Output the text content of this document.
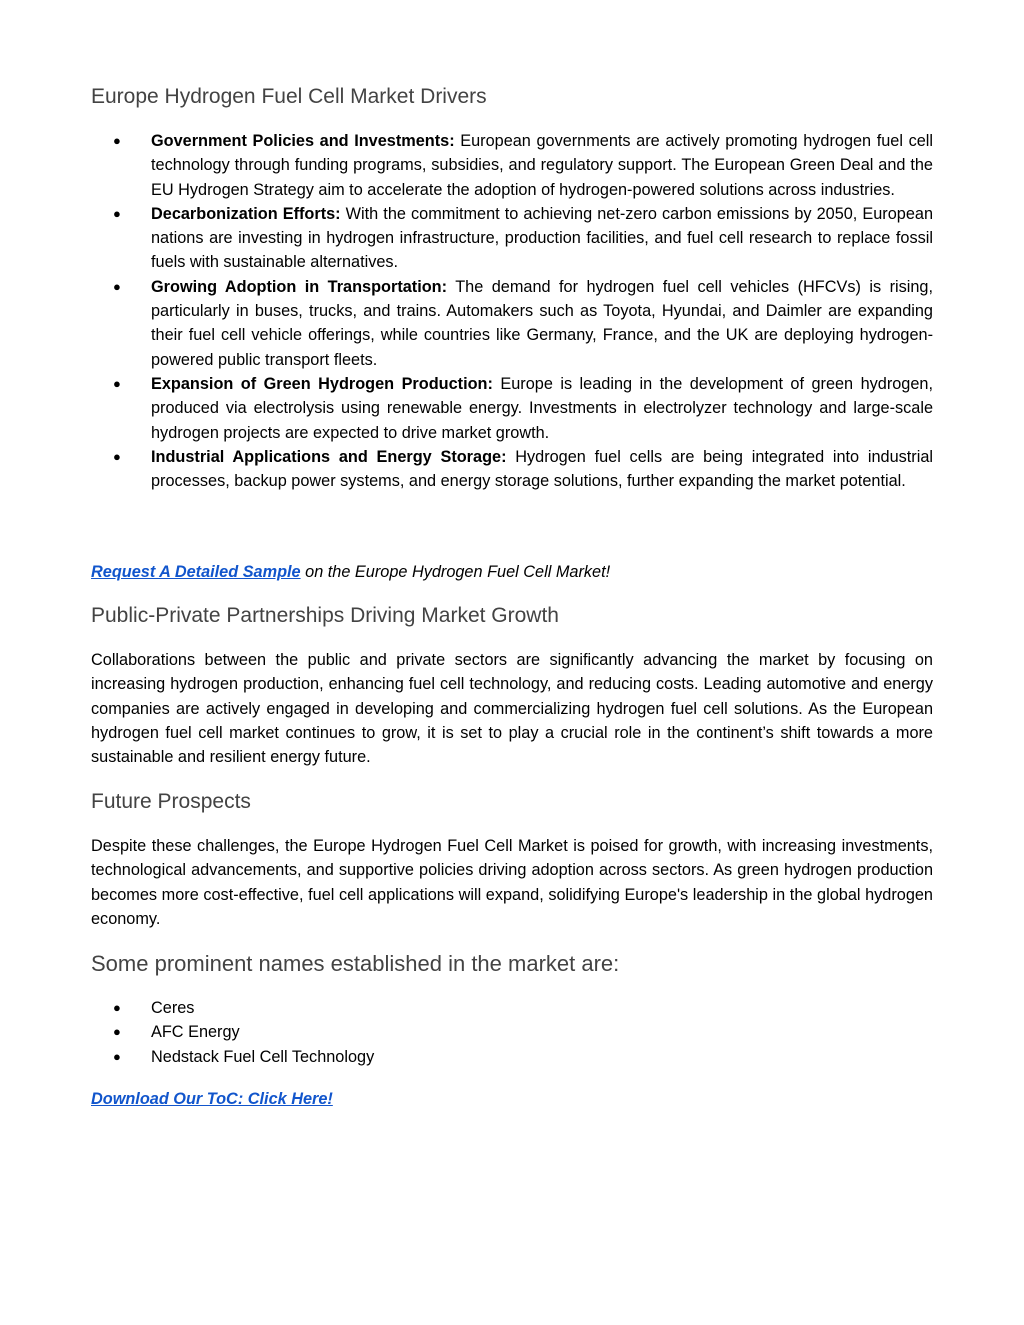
Europe Hydrogen Fuel Cell Market Drivers
● Government Policies and Investments: European governments are actively promoting hydrogen fuel cell technology through funding programs, subsidies, and regulatory support. The European Green Deal and the EU Hydrogen Strategy aim to accelerate the adoption of hydrogen-powered solutions across industries.
● Decarbonization Efforts: With the commitment to achieving net-zero carbon emissions by 2050, European nations are investing in hydrogen infrastructure, production facilities, and fuel cell research to replace fossil fuels with sustainable alternatives.
● Growing Adoption in Transportation: The demand for hydrogen fuel cell vehicles (HFCVs) is rising, particularly in buses, trucks, and trains. Automakers such as Toyota, Hyundai, and Daimler are expanding their fuel cell vehicle offerings, while countries like Germany, France, and the UK are deploying hydrogen-powered public transport fleets.
● Expansion of Green Hydrogen Production: Europe is leading in the development of green hydrogen, produced via electrolysis using renewable energy. Investments in electrolyzer technology and large-scale hydrogen projects are expected to drive market growth.
● Industrial Applications and Energy Storage: Hydrogen fuel cells are being integrated into industrial processes, backup power systems, and energy storage solutions, further expanding the market potential.
Request A Detailed Sample on the Europe Hydrogen Fuel Cell Market!
Public-Private Partnerships Driving Market Growth
Collaborations between the public and private sectors are significantly advancing the market by focusing on increasing hydrogen production, enhancing fuel cell technology, and reducing costs. Leading automotive and energy companies are actively engaged in developing and commercializing hydrogen fuel cell solutions. As the European hydrogen fuel cell market continues to grow, it is set to play a crucial role in the continent’s shift towards a more sustainable and resilient energy future.
Future Prospects
Despite these challenges, the Europe Hydrogen Fuel Cell Market is poised for growth, with increasing investments, technological advancements, and supportive policies driving adoption across sectors. As green hydrogen production becomes more cost-effective, fuel cell applications will expand, solidifying Europe's leadership in the global hydrogen economy.
Some prominent names established in the market are:
● Ceres
● AFC Energy
● Nedstack Fuel Cell Technology
Download Our ToC: Click Here!
